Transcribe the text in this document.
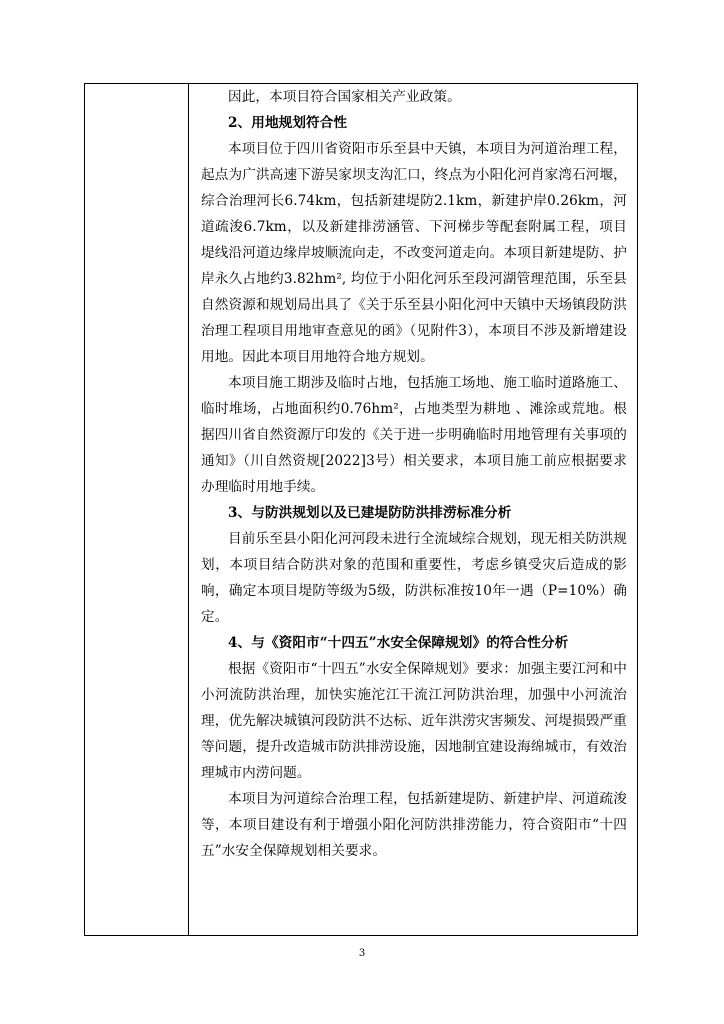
因此，本项目符合国家相关产业政策。

2、用地规划符合性

本项目位于四川省资阳市乐至县中天镇，本项目为河道治理工程，起点为广洪高速下游吴家坝支沟汇口，终点为小阳化河肖家湾石河堰，综合治理河长6.74km，包括新建堤防2.1km，新建护岸0.26km，河道疏浚6.7km，以及新建排涝涵管、下河梯步等配套附属工程，项目堤线沿河道边缘岸坡顺流向走，不改变河道走向。本项目新建堤防、护岸永久占地约3.82hm², 均位于小阳化河乐至段河湖管理范围，乐至县自然资源和规划局出具了《关于乐至县小阳化河中天镇中天场镇段防洪治理工程项目用地审查意见的函》（见附件3），本项目不涉及新增建设用地。因此本项目用地符合地方规划。

本项目施工期涉及临时占地，包括施工场地、施工临时道路施工、临时堆场，占地面积约0.76hm²，占地类型为耕地 、滩涂或荒地。根据四川省自然资源厅印发的《关于进一步明确临时用地管理有关事项的通知》（川自然资规[2022]3号）相关要求，本项目施工前应根据要求办理临时用地手续。

3、与防洪规划以及已建堤防防洪排涝标准分析

目前乐至县小阳化河河段未进行全流域综合规划，现无相关防洪规划，本项目结合防洪对象的范围和重要性，考虑乡镇受灾后造成的影响，确定本项目堤防等级为5级，防洪标准按10年一遇（P=10%）确定。

4、与《资阳市“十四五”水安全保障规划》的符合性分析

根据《资阳市“十四五”水安全保障规划》要求：加强主要江河和中小河流防洪治理，加快实施沱江干流江河防洪治理，加强中小河流治理，优先解决城镇河段防洪不达标、近年洪涝灾害频发、河堤损毁严重等问题，提升改造城市防洪排涝设施，因地制宜建设海绵城市，有效治理城市内涝问题。

本项目为河道综合治理工程，包括新建堤防、新建护岸、河道疏浚等，本项目建设有利于增强小阳化河防洪排涝能力，符合资阳市“十四五”水安全保障规划相关要求。

3
